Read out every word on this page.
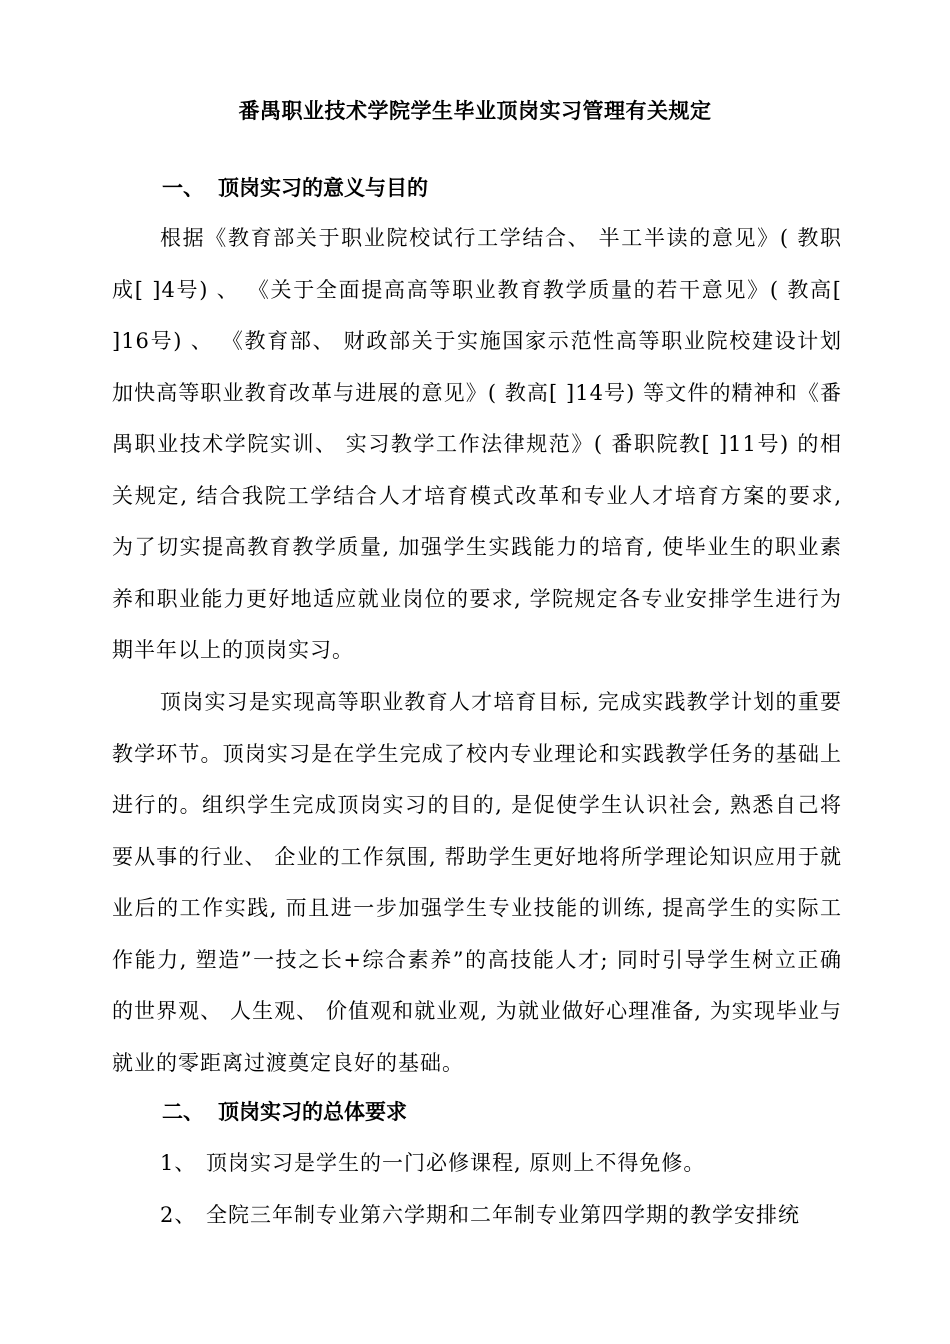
番禺职业技术学院学生毕业顶岗实习管理有关规定
一、 顶岗实习的意义与目的

根据《教育部关于职业院校试行工学结合、 半工半读的意见》( 教职成[ ]4号) 、 《关于全面提高高等职业教育教学质量的若干意见》( 教高[ ]16号) 、 《教育部、 财政部关于实施国家示范性高等职业院校建设计划 加快高等职业教育改革与进展的意见》( 教高[ ]14号) 等文件的精神和《番禺职业技术学院实训、 实习教学工作法律规范》( 番职院教[ ]11号) 的相关规定, 结合我院工学结合人才培育模式改革和专业人才培育方案的要求, 为了切实提高教育教学质量, 加强学生实践能力的培育, 使毕业生的职业素养和职业能力更好地适应就业岗位的要求, 学院规定各专业安排学生进行为期半年以上的顶岗实习。

顶岗实习是实现高等职业教育人才培育目标, 完成实践教学计划的重要教学环节。顶岗实习是在学生完成了校内专业理论和实践教学任务的基础上进行的。组织学生完成顶岗实习的目的, 是促使学生认识社会, 熟悉自己将要从事的行业、 企业的工作氛围, 帮助学生更好地将所学理论知识应用于就业后的工作实践, 而且进一步加强学生专业技能的训练, 提高学生的实际工作能力, 塑造”一技之长+综合素养”的高技能人才; 同时引导学生树立正确的世界观、 人生观、 价值观和就业观, 为就业做好心理准备, 为实现毕业与就业的零距离过渡奠定良好的基础。

二、 顶岗实习的总体要求
1、 顶岗实习是学生的一门必修课程, 原则上不得免修。
2、 全院三年制专业第六学期和二年制专业第四学期的教学安排统
